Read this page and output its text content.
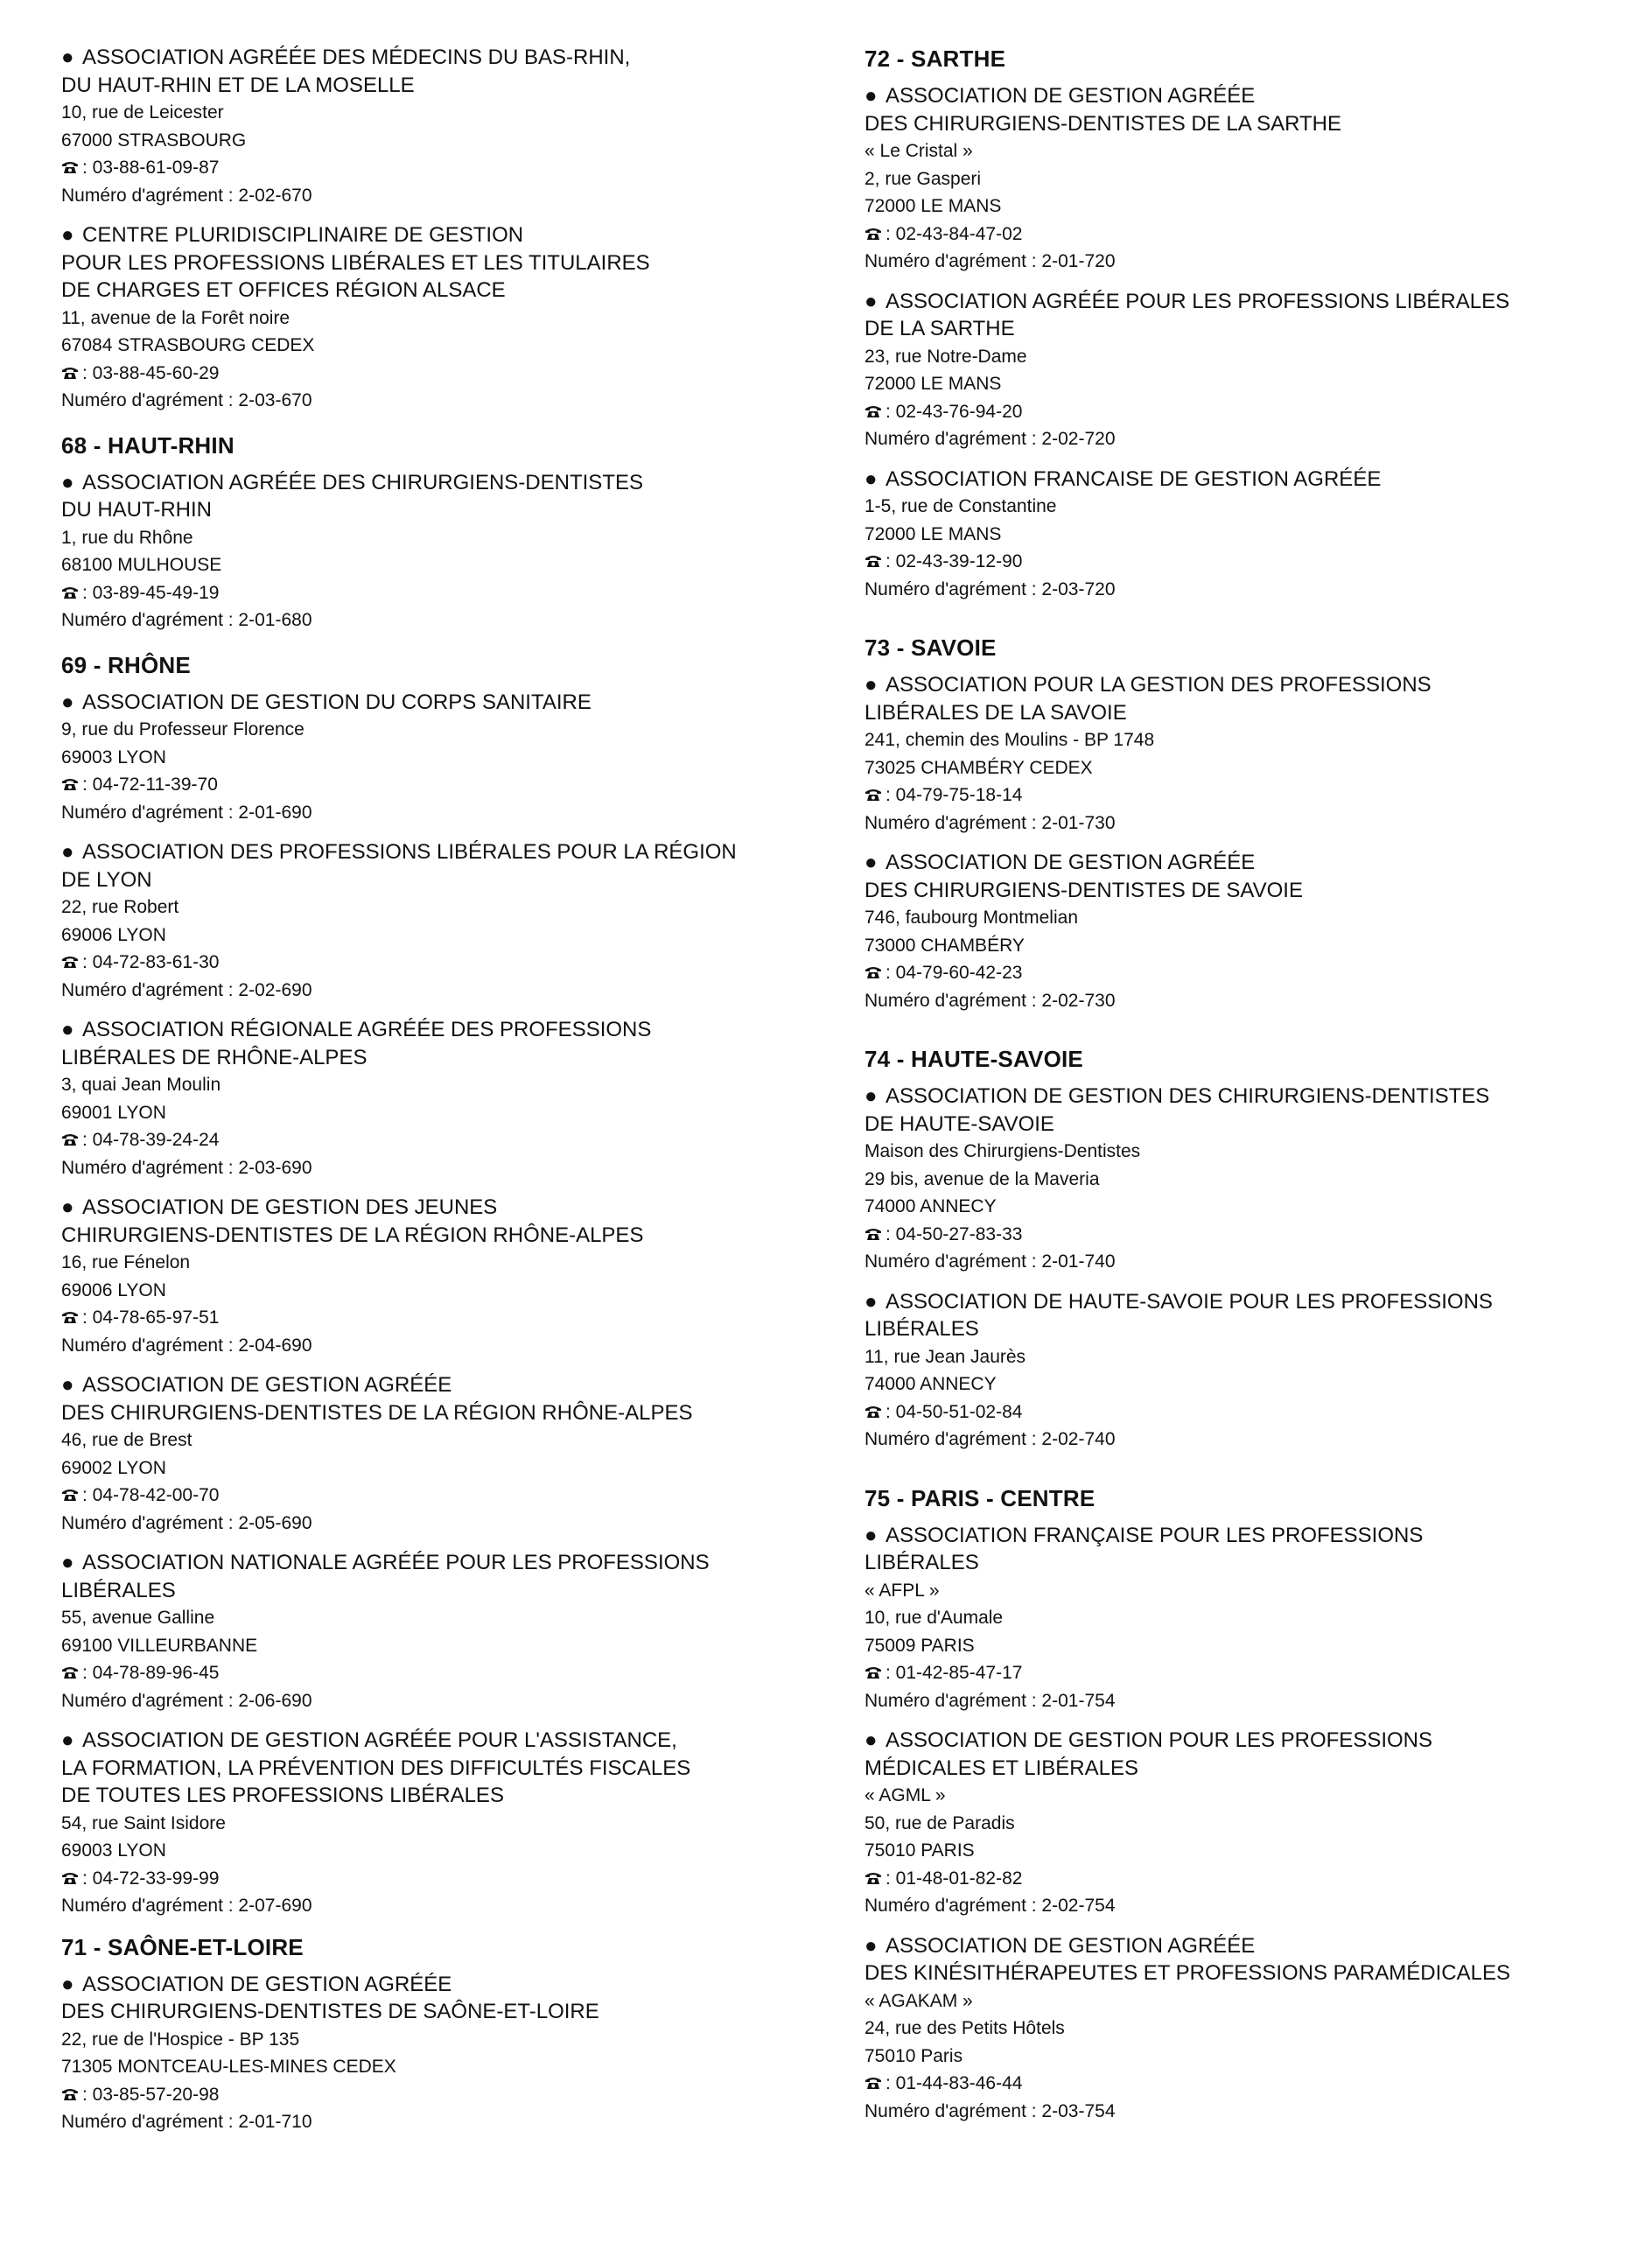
● ASSOCIATION AGRÉÉE DES MÉDECINS DU BAS-RHIN,
DU HAUT-RHIN ET DE LA MOSELLE
10, rue de Leicester
67000 STRASBOURG
: 03-88-61-09-87
Numéro d'agrément : 2-02-670
● CENTRE PLURIDISCIPLINAIRE DE GESTION
POUR LES PROFESSIONS LIBÉRALES ET LES TITULAIRES
DE CHARGES ET OFFICES RÉGION ALSACE
11, avenue de la Forêt noire
67084 STRASBOURG CEDEX
: 03-88-45-60-29
Numéro d'agrément : 2-03-670
68 - HAUT-RHIN
● ASSOCIATION AGRÉÉE DES CHIRURGIENS-DENTISTES
DU HAUT-RHIN
1, rue du Rhône
68100 MULHOUSE
: 03-89-45-49-19
Numéro d'agrément : 2-01-680
69 - RHÔNE
● ASSOCIATION DE GESTION DU CORPS SANITAIRE
9, rue du Professeur Florence
69003 LYON
: 04-72-11-39-70
Numéro d'agrément : 2-01-690
● ASSOCIATION DES PROFESSIONS LIBÉRALES POUR LA RÉGION
DE LYON
22, rue Robert
69006 LYON
: 04-72-83-61-30
Numéro d'agrément : 2-02-690
● ASSOCIATION RÉGIONALE AGRÉÉE DES PROFESSIONS
LIBÉRALES DE RHÔNE-ALPES
3, quai Jean Moulin
69001 LYON
: 04-78-39-24-24
Numéro d'agrément : 2-03-690
● ASSOCIATION DE GESTION DES JEUNES
CHIRURGIENS-DENTISTES DE LA RÉGION RHÔNE-ALPES
16, rue Fénelon
69006 LYON
: 04-78-65-97-51
Numéro d'agrément : 2-04-690
● ASSOCIATION DE GESTION AGRÉÉE
DES CHIRURGIENS-DENTISTES DE LA RÉGION RHÔNE-ALPES
46, rue de Brest
69002 LYON
: 04-78-42-00-70
Numéro d'agrément : 2-05-690
● ASSOCIATION NATIONALE AGRÉÉE POUR LES PROFESSIONS
LIBÉRALES
55, avenue Galline
69100 VILLEURBANNE
: 04-78-89-96-45
Numéro d'agrément : 2-06-690
● ASSOCIATION DE GESTION AGRÉÉE POUR L'ASSISTANCE,
LA FORMATION, LA PRÉVENTION DES DIFFICULTÉS FISCALES
DE TOUTES LES PROFESSIONS LIBÉRALES
54, rue Saint Isidore
69003 LYON
: 04-72-33-99-99
Numéro d'agrément : 2-07-690
71 - SAÔNE-ET-LOIRE
● ASSOCIATION DE GESTION AGRÉÉE
DES CHIRURGIENS-DENTISTES DE SAÔNE-ET-LOIRE
22, rue de l'Hospice - BP 135
71305 MONTCEAU-LES-MINES CEDEX
: 03-85-57-20-98
Numéro d'agrément : 2-01-710
72 - SARTHE
● ASSOCIATION DE GESTION AGRÉÉE
DES CHIRURGIENS-DENTISTES DE LA SARTHE
« Le Cristal »
2, rue Gasperi
72000 LE MANS
: 02-43-84-47-02
Numéro d'agrément : 2-01-720
● ASSOCIATION AGRÉÉE POUR LES PROFESSIONS LIBÉRALES
DE LA SARTHE
23, rue Notre-Dame
72000 LE MANS
: 02-43-76-94-20
Numéro d'agrément : 2-02-720
● ASSOCIATION FRANCAISE DE GESTION AGRÉÉE
1-5, rue de Constantine
72000 LE MANS
: 02-43-39-12-90
Numéro d'agrément : 2-03-720
73 - SAVOIE
● ASSOCIATION POUR LA GESTION DES PROFESSIONS
LIBÉRALES DE LA SAVOIE
241, chemin des Moulins - BP 1748
73025 CHAMBÉRY CEDEX
: 04-79-75-18-14
Numéro d'agrément : 2-01-730
● ASSOCIATION DE GESTION AGRÉÉE
DES CHIRURGIENS-DENTISTES DE SAVOIE
746, faubourg Montmelian
73000 CHAMBÉRY
: 04-79-60-42-23
Numéro d'agrément : 2-02-730
74 - HAUTE-SAVOIE
● ASSOCIATION DE GESTION DES CHIRURGIENS-DENTISTES
DE HAUTE-SAVOIE
Maison des Chirurgiens-Dentistes
29 bis, avenue de la Maveria
74000 ANNECY
: 04-50-27-83-33
Numéro d'agrément : 2-01-740
● ASSOCIATION DE HAUTE-SAVOIE POUR LES PROFESSIONS
LIBÉRALES
11, rue Jean Jaurès
74000 ANNECY
: 04-50-51-02-84
Numéro d'agrément : 2-02-740
75 - PARIS - CENTRE
● ASSOCIATION FRANÇAISE POUR LES PROFESSIONS
LIBÉRALES
« AFPL »
10, rue d'Aumale
75009 PARIS
: 01-42-85-47-17
Numéro d'agrément : 2-01-754
● ASSOCIATION DE GESTION POUR LES PROFESSIONS
MÉDICALES ET LIBÉRALES
« AGML »
50, rue de Paradis
75010 PARIS
: 01-48-01-82-82
Numéro d'agrément : 2-02-754
● ASSOCIATION DE GESTION AGRÉÉE
DES KINÉSITHÉRAPEUTES ET PROFESSIONS PARAMÉDICALES
« AGAKAM »
24, rue des Petits Hôtels
75010 Paris
: 01-44-83-46-44
Numéro d'agrément : 2-03-754
